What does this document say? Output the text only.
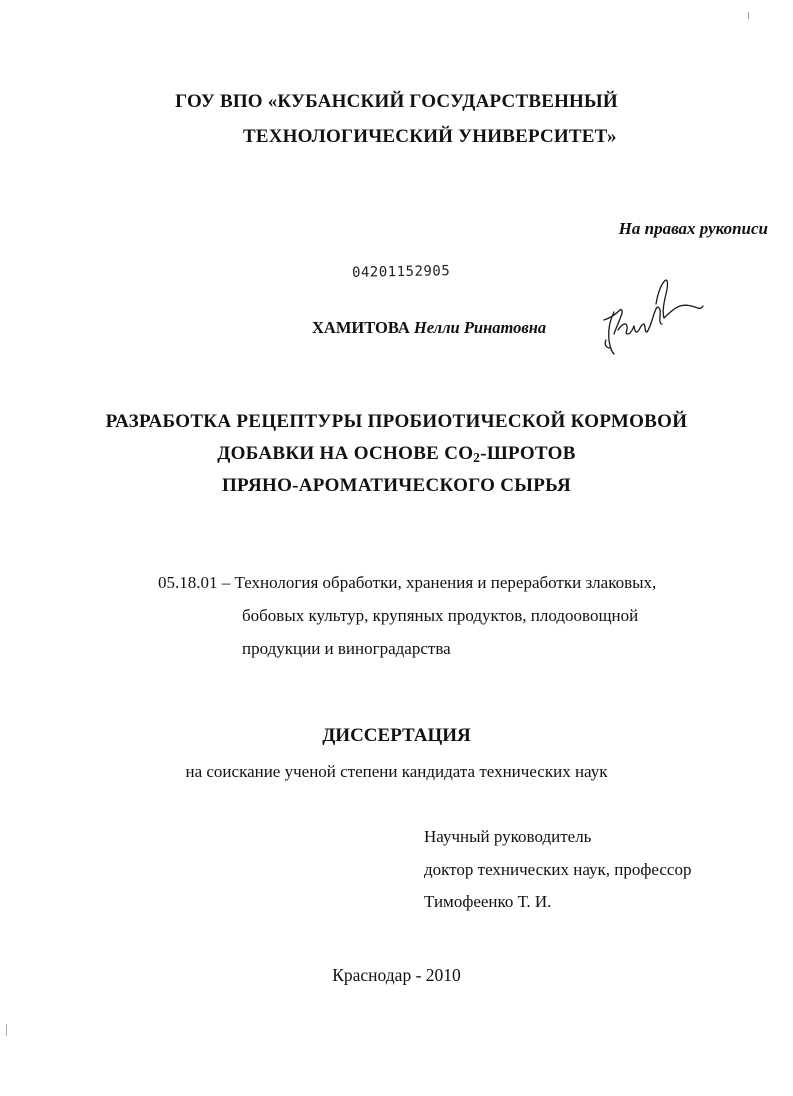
ГОУ ВПО «КУБАНСКИЙ ГОСУДАРСТВЕННЫЙ
ТЕХНОЛОГИЧЕСКИЙ УНИВЕРСИТЕТ»
На правах рукописи
04201152905
ХАМИТОВА Нелли Ринатовна
РАЗРАБОТКА РЕЦЕПТУРЫ ПРОБИОТИЧЕСКОЙ КОРМОВОЙ
ДОБАВКИ НА ОСНОВЕ $СО_2$-ШРОТОВ
ПРЯНО-АРОМАТИЧЕСКОГО СЫРЬЯ
05.18.01 – Технология обработки, хранения и переработки злаковых,
бобовых культур, крупяных продуктов, плодоовощной
продукции и виноградарства
ДИССЕРТАЦИЯ
на соискание ученой степени кандидата технических наук
Научный руководитель
доктор технических наук, профессор
Тимофеенко Т. И.
Краснодар - 2010
